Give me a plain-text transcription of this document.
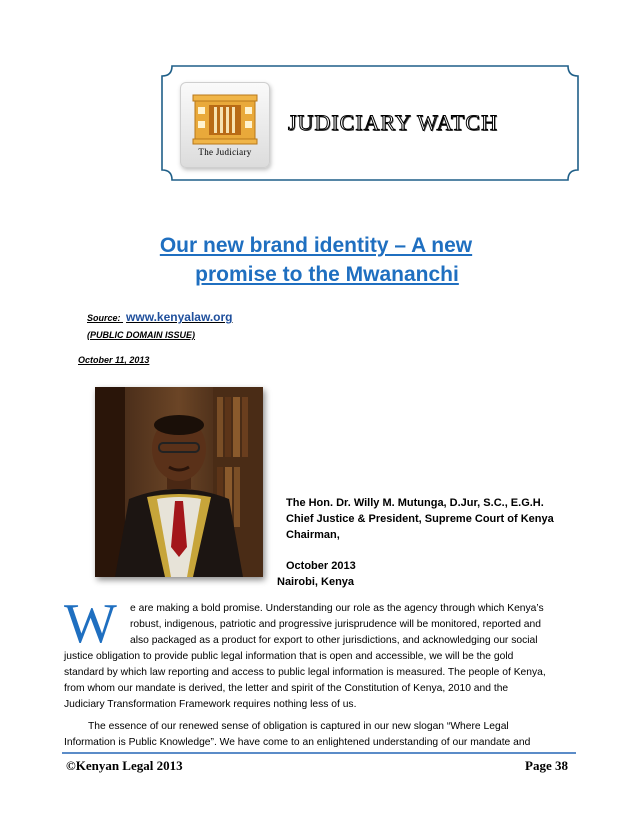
The Judiciary
JUDICIARY WATCH
Our new brand identity – A new
promise to the Mwananchi
Source: www.kenyalaw.org
(PUBLIC DOMAIN ISSUE)
October 11, 2013
The Hon. Dr. Willy M. Mutunga, D.Jur, S.C., E.G.H.
Chief Justice & President, Supreme Court of Kenya
Chairman,
October 2013
Nairobi, Kenya
W e are making a bold promise. Understanding our role as the agency through which Kenya’s
robust, indigenous, patriotic and progressive jurisprudence will be monitored, reported and
also packaged as a product for export to other jurisdictions, and acknowledging our social
justice obligation to provide public legal information that is open and accessible, we will be the gold
standard by which law reporting and access to public legal information is measured. The people of Kenya,
from whom our mandate is derived, the letter and spirit of the Constitution of Kenya, 2010 and the
Judiciary Transformation Framework requires nothing less of us.
The essence of our renewed sense of obligation is captured in our new slogan “Where Legal
Information is Public Knowledge”. We have come to an enlightened understanding of our mandate and
©Kenyan Legal 2013	Page 38
